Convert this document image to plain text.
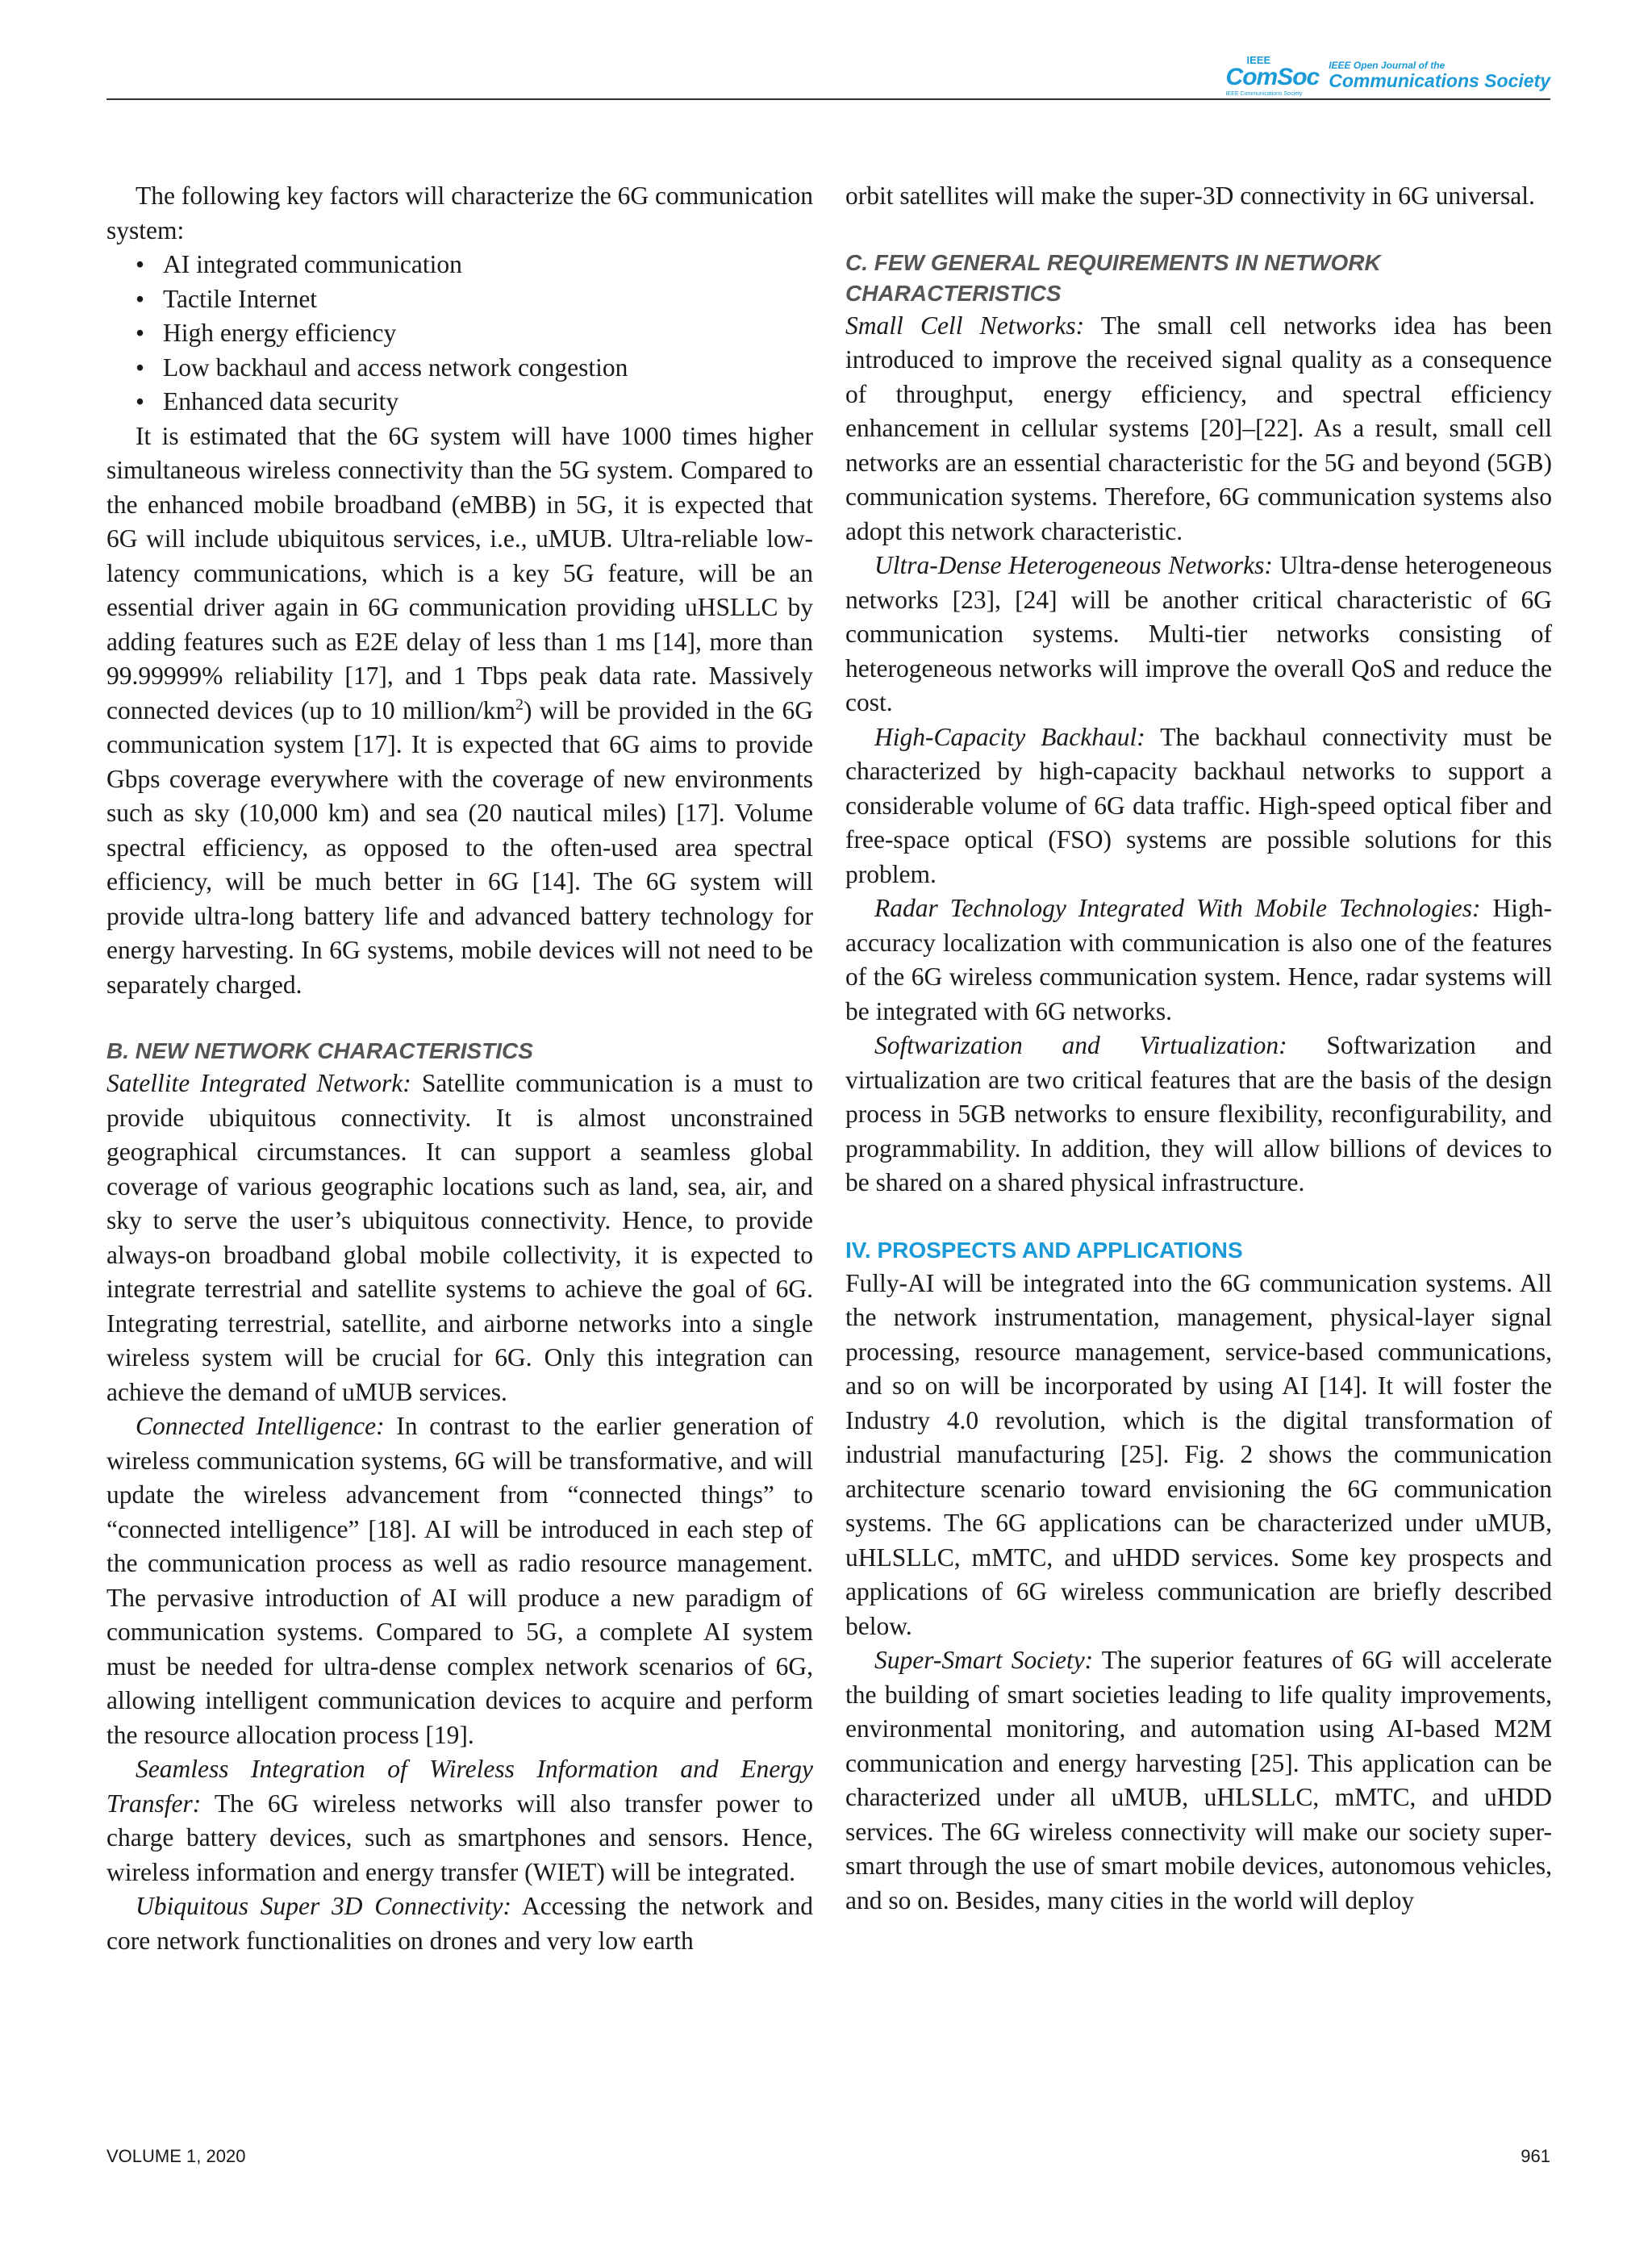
IEEE
ComSoc
IEEE Communications Society
IEEE Open Journal of the
Communications Society

The following key factors will characterize the 6G communication system:

• AI integrated communication
• Tactile Internet
• High energy efficiency
• Low backhaul and access network congestion
• Enhanced data security

It is estimated that the 6G system will have 1000 times higher simultaneous wireless connectivity than the 5G system. Compared to the enhanced mobile broadband (eMBB) in 5G, it is expected that 6G will include ubiquitous services, i.e., uMUB. Ultra-reliable low-latency communications, which is a key 5G feature, will be an essential driver again in 6G communication providing uHSLLC by adding features such as E2E delay of less than 1 ms [14], more than 99.99999% reliability [17], and 1 Tbps peak data rate. Massively connected devices (up to 10 million/$km^2$) will be provided in the 6G communication system [17]. It is expected that 6G aims to provide Gbps coverage everywhere with the coverage of new environments such as sky (10,000 km) and sea (20 nautical miles) [17]. Volume spectral efficiency, as opposed to the often-used area spectral efficiency, will be much better in 6G [14]. The 6G system will provide ultra-long battery life and advanced battery technology for energy harvesting. In 6G systems, mobile devices will not need to be separately charged.

B. NEW NETWORK CHARACTERISTICS

Satellite Integrated Network: Satellite communication is a must to provide ubiquitous connectivity. It is almost unconstrained geographical circumstances. It can support a seamless global coverage of various geographic locations such as land, sea, air, and sky to serve the user’s ubiquitous connectivity. Hence, to provide always-on broadband global mobile collectivity, it is expected to integrate terrestrial and satellite systems to achieve the goal of 6G. Integrating terrestrial, satellite, and airborne networks into a single wireless system will be crucial for 6G. Only this integration can achieve the demand of uMUB services.

Connected Intelligence: In contrast to the earlier generation of wireless communication systems, 6G will be transformative, and will update the wireless advancement from “connected things” to “connected intelligence” [18]. AI will be introduced in each step of the communication process as well as radio resource management. The pervasive introduction of AI will produce a new paradigm of communication systems. Compared to 5G, a complete AI system must be needed for ultra-dense complex network scenarios of 6G, allowing intelligent communication devices to acquire and perform the resource allocation process [19].

Seamless Integration of Wireless Information and Energy Transfer: The 6G wireless networks will also transfer power to charge battery devices, such as smartphones and sensors. Hence, wireless information and energy transfer (WIET) will be integrated.

Ubiquitous Super 3D Connectivity: Accessing the network and core network functionalities on drones and very low earth

orbit satellites will make the super-3D connectivity in 6G universal.

C. FEW GENERAL REQUIREMENTS IN NETWORK CHARACTERISTICS

Small Cell Networks: The small cell networks idea has been introduced to improve the received signal quality as a consequence of throughput, energy efficiency, and spectral efficiency enhancement in cellular systems [20]–[22]. As a result, small cell networks are an essential characteristic for the 5G and beyond (5GB) communication systems. Therefore, 6G communication systems also adopt this network characteristic.

Ultra-Dense Heterogeneous Networks: Ultra-dense heterogeneous networks [23], [24] will be another critical characteristic of 6G communication systems. Multi-tier networks consisting of heterogeneous networks will improve the overall QoS and reduce the cost.

High-Capacity Backhaul: The backhaul connectivity must be characterized by high-capacity backhaul networks to support a considerable volume of 6G data traffic. High-speed optical fiber and free-space optical (FSO) systems are possible solutions for this problem.

Radar Technology Integrated With Mobile Technologies: High-accuracy localization with communication is also one of the features of the 6G wireless communication system. Hence, radar systems will be integrated with 6G networks.

Softwarization and Virtualization: Softwarization and virtualization are two critical features that are the basis of the design process in 5GB networks to ensure flexibility, reconfigurability, and programmability. In addition, they will allow billions of devices to be shared on a shared physical infrastructure.

IV. PROSPECTS AND APPLICATIONS

Fully-AI will be integrated into the 6G communication systems. All the network instrumentation, management, physical-layer signal processing, resource management, service-based communications, and so on will be incorporated by using AI [14]. It will foster the Industry 4.0 revolution, which is the digital transformation of industrial manufacturing [25]. Fig. 2 shows the communication architecture scenario toward envisioning the 6G communication systems. The 6G applications can be characterized under uMUB, uHLSLLC, mMTC, and uHDD services. Some key prospects and applications of 6G wireless communication are briefly described below.

Super-Smart Society: The superior features of 6G will accelerate the building of smart societies leading to life quality improvements, environmental monitoring, and automation using AI-based M2M communication and energy harvesting [25]. This application can be characterized under all uMUB, uHLSLLC, mMTC, and uHDD services. The 6G wireless connectivity will make our society super-smart through the use of smart mobile devices, autonomous vehicles, and so on. Besides, many cities in the world will deploy

VOLUME 1, 2020	961
